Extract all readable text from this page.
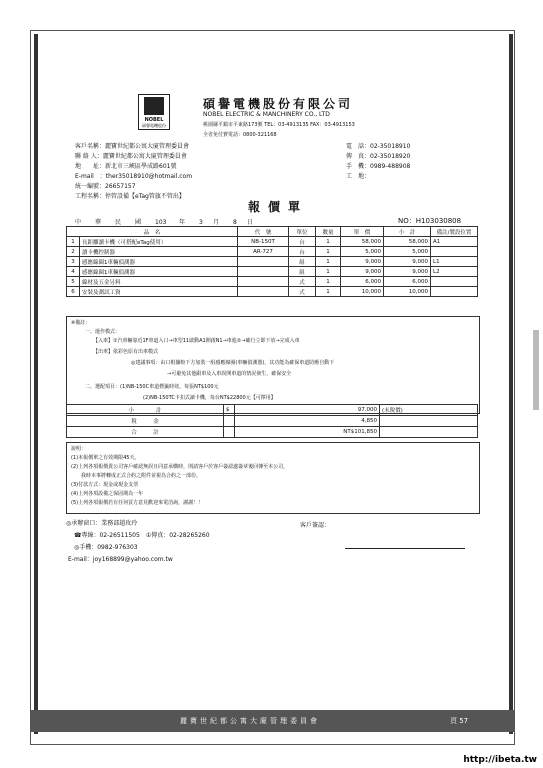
NOBEL
碩譽電機股份
碩譽電機股份有限公司
NOBEL ELECTRIC & MANCHINERY CO., LTD
桃園縣平鎮市平東路173號 TEL：03-4913135 FAX：03-4913153
全省免付費電話：0800-321168
客戶名稱：麗寶世紀都公寓大廈管理委員會
聯 絡 人：麗寶世紀都公寓大廈管理委員會
地　　址：新北市三峽區學成路601號
E-mail　：ther35018910@hotmail.com
統一編號：26657157
工程名稱：停管設備【eTag管旗不管出】
電　話：02-35018910
傳　真：02-35018920
手　機：0989-488908
工　地：
報價單
中 華 民 國 103 年 3 月 8 日	NO：H103030808
品　名		代　號	單位	數量	單　價	小　計	備註/製設位置
1	長距離讀卡機（可搭配eTag使用）	NB-150T	台	1	58,000	58,000	A1
2	讀卡機控制器	AR-727	台	1	5,000	5,000	
3	感應線圈1車輛偵測器		組	1	9,000	9,000	L1
4	感應線圈1車輛偵測器		組	1	9,000	9,000	L2
5	線材及五金另料		式	1	6,000	6,000	
6	安裝及測試工資		式	1	10,000	10,000	
※備註：
一、運作模式：
【入車】①汽車輛靠近1F車道入口→車型11啟動A1開啟N1→車進②→確行立即下放→完成入車
【出車】依彩色原有出車模式
◎建議事項：由口根據較下方加裝一組感應線圈(車輛偵測器)，其功能為確保車道防壓自動下
→可避免其他跟車及入車誤開車道的情況發生，確保安全
二、選配項目：(1)NB-150C車道標籤時效，每張NT$100元
(2)NB-150TC卡扣式讀卡機，每台NT$22800元【可擇用】
小　　　　計	$	97,000	(未稅價)
稅　　　金		4,850	
合　　　計		NT$101,850	
說明：
(1)本報價單之有效期限45天。
(2)上列各項報價貴公司客戶確認無誤且同意承購時，則請客戶於客戶簽認處簽章後回傳至本公司，
我時本事將轉成正式合約之附件並視為合約之一部份。
(3)付款方式：現金或現金支票
(4)上列各項設備之保固期為一年
(5)上列各項報價若有任何買方意見歡迎來電洽詢，謝謝！！
◎承辦窗口：業務部趙玫玲
☎專線：02-26511505　①傳真：02-28265260
◎手機：0982-976303
E-mail：joy168899@yahoo.com.tw
客戶簽認：
麗寶世紀都公寓大廈管理委員會	頁 57
http://ibeta.tw
